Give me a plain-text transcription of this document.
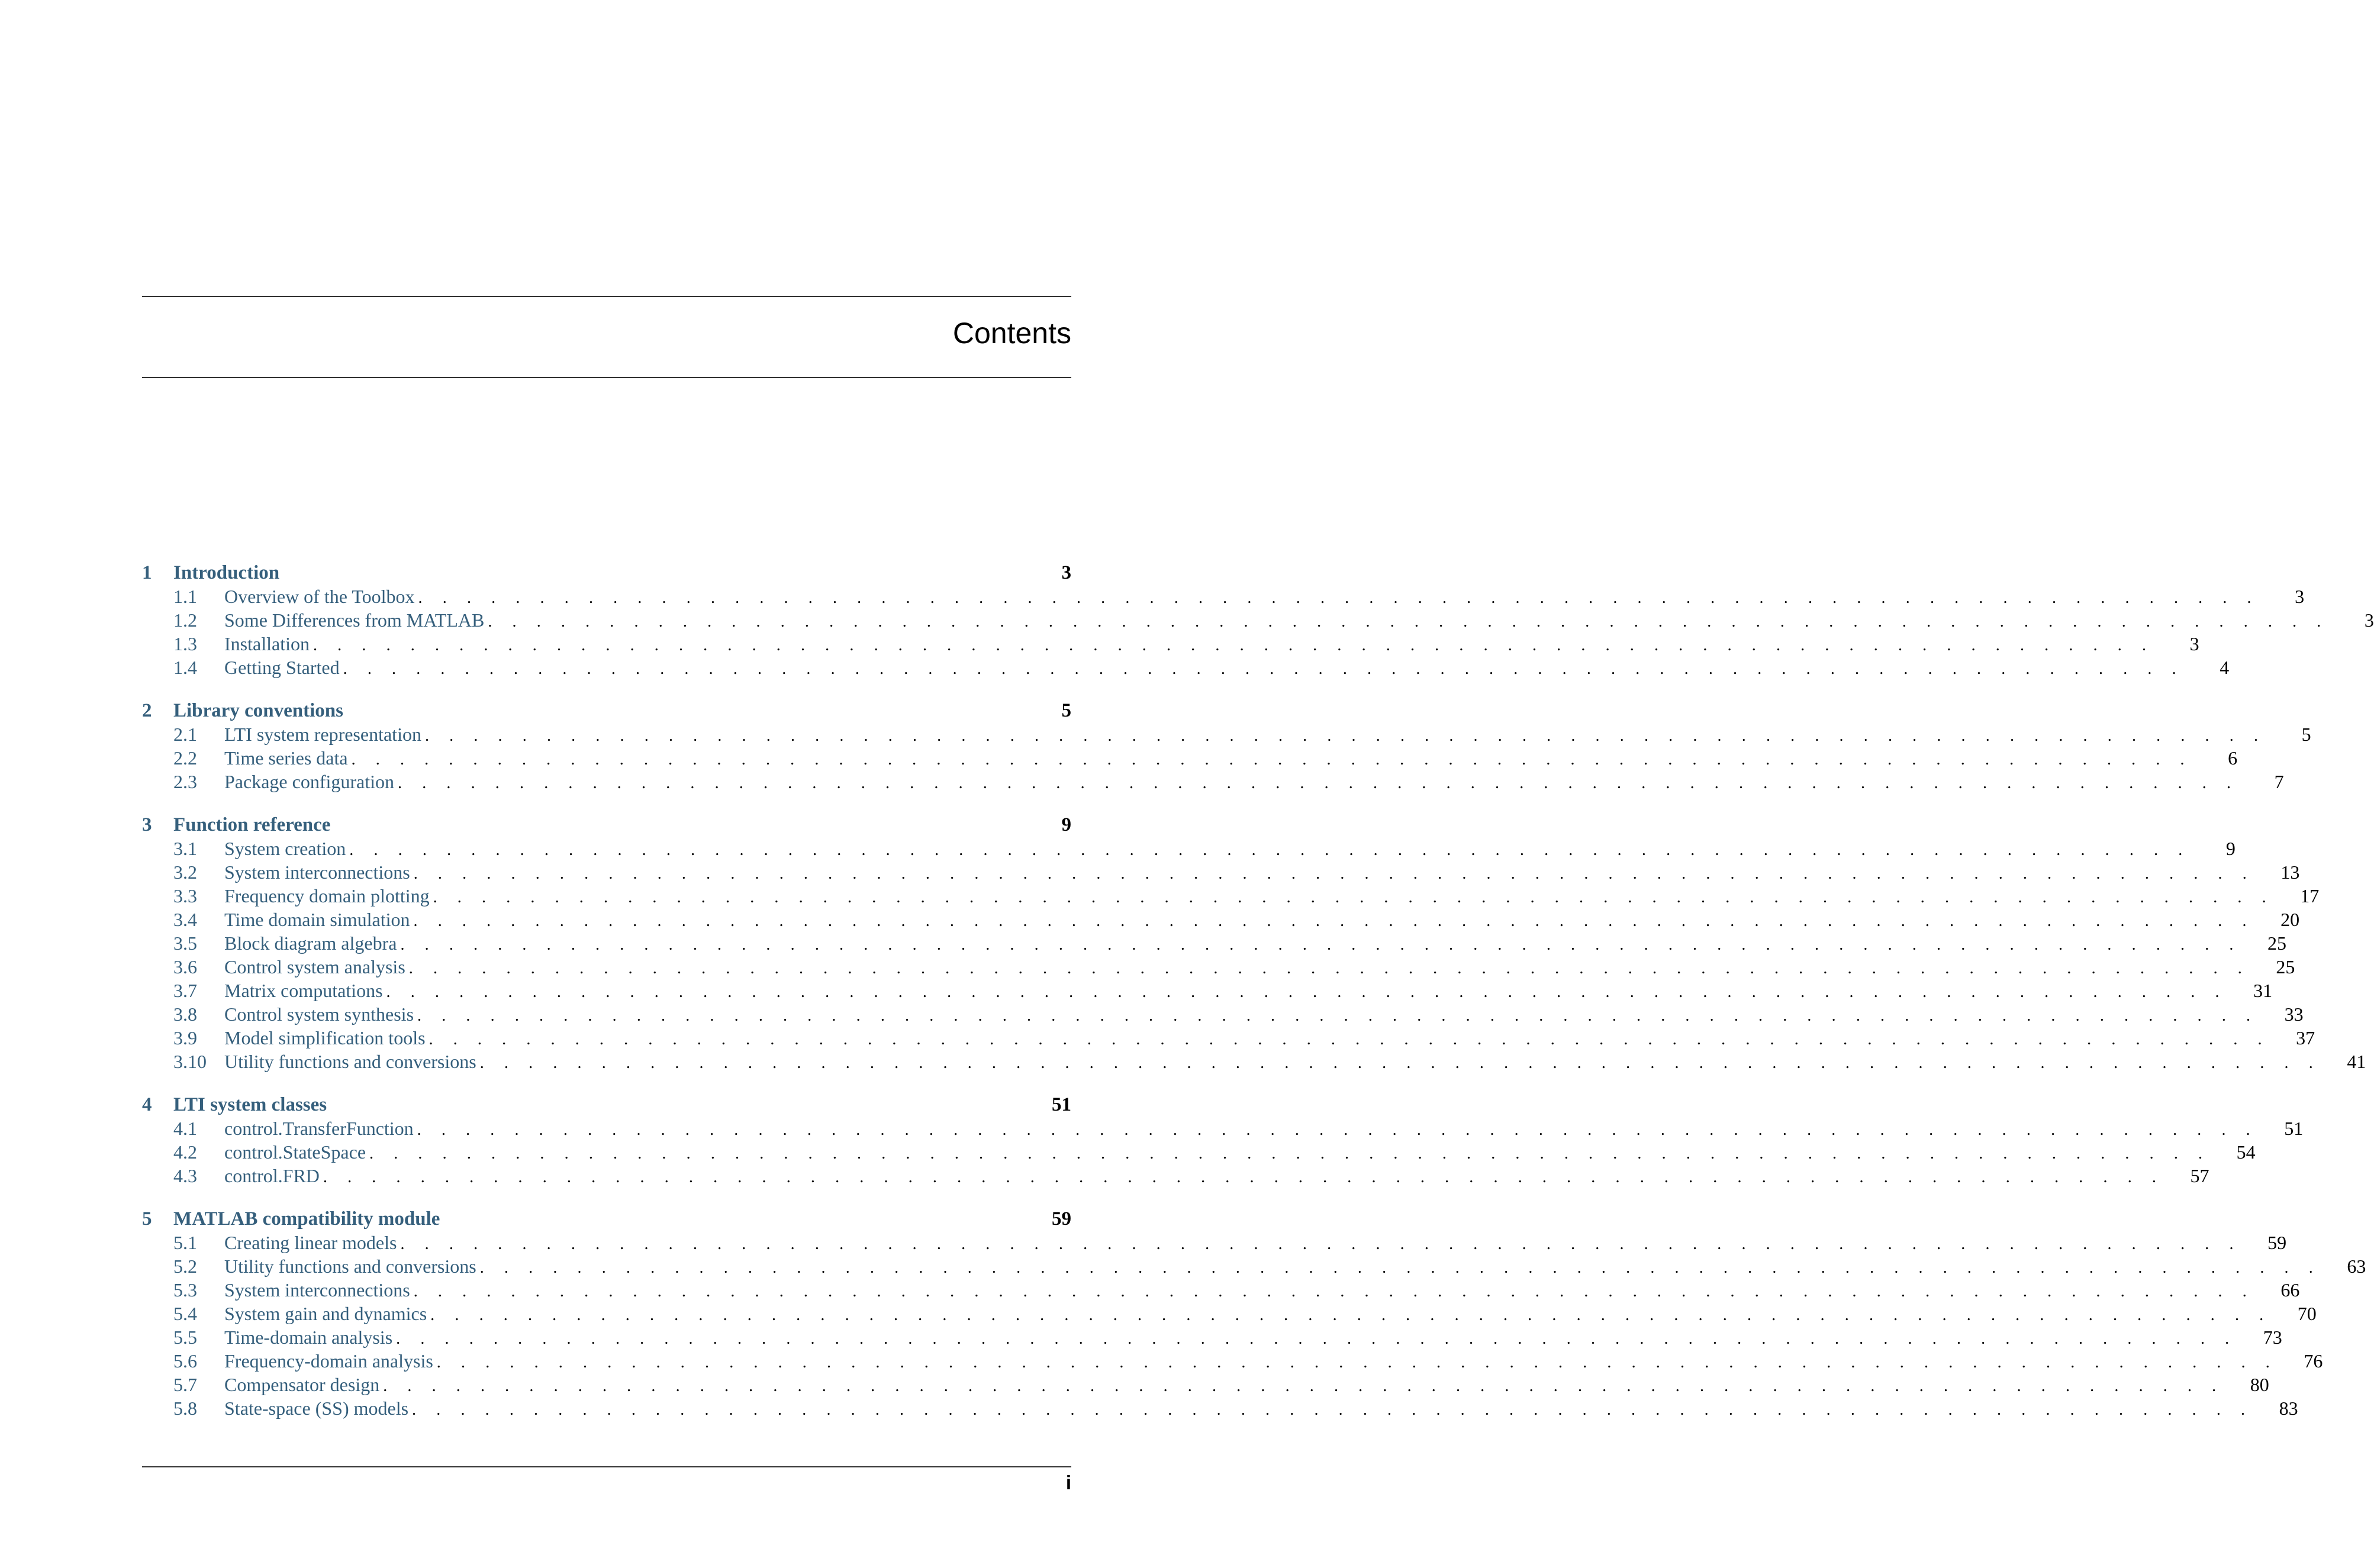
Contents
1	Introduction	3
1.1	Overview of the Toolbox . . . . . . . . . . . . . . . . . . . . . . . . . . . . . . . . . . . . . . . . . . . . . . . . . . . . . . . . . . . . . . . . . . . . . . . . . . . .	3
1.2	Some Differences from MATLAB . . . . . . . . . . . . . . . . . . . . . . . . . . . . . . . . . . . . . . . . . . . . . . . . . . . . . . . . . . . . . . . . . . . . . . . . . . . .	3
1.3	Installation . . . . . . . . . . . . . . . . . . . . . . . . . . . . . . . . . . . . . . . . . . . . . . . . . . . . . . . . . . . . . . . . . . . . . . . . . . . .	3
1.4	Getting Started . . . . . . . . . . . . . . . . . . . . . . . . . . . . . . . . . . . . . . . . . . . . . . . . . . . . . . . . . . . . . . . . . . . . . . . . . . . .	4
2	Library conventions	5
2.1	LTI system representation . . . . . . . . . . . . . . . . . . . . . . . . . . . . . . . . . . . . . . . . . . . . . . . . . . . . . . . . . . . . . . . . . . . . . . . . . . . .	5
2.2	Time series data . . . . . . . . . . . . . . . . . . . . . . . . . . . . . . . . . . . . . . . . . . . . . . . . . . . . . . . . . . . . . . . . . . . . . . . . . . . .	6
2.3	Package configuration . . . . . . . . . . . . . . . . . . . . . . . . . . . . . . . . . . . . . . . . . . . . . . . . . . . . . . . . . . . . . . . . . . . . . . . . . . . .	7
3	Function reference	9
3.1	System creation . . . . . . . . . . . . . . . . . . . . . . . . . . . . . . . . . . . . . . . . . . . . . . . . . . . . . . . . . . . . . . . . . . . . . . . . . . . .	9
3.2	System interconnections . . . . . . . . . . . . . . . . . . . . . . . . . . . . . . . . . . . . . . . . . . . . . . . . . . . . . . . . . . . . . . . . . . . . . . . . . . . . 13
3.3	Frequency domain plotting . . . . . . . . . . . . . . . . . . . . . . . . . . . . . . . . . . . . . . . . . . . . . . . . . . . . . . . . . . . . . . . . . . . . . . . . . . . . 17
3.4	Time domain simulation . . . . . . . . . . . . . . . . . . . . . . . . . . . . . . . . . . . . . . . . . . . . . . . . . . . . . . . . . . . . . . . . . . . . . . . . . . . . 20
3.5	Block diagram algebra . . . . . . . . . . . . . . . . . . . . . . . . . . . . . . . . . . . . . . . . . . . . . . . . . . . . . . . . . . . . . . . . . . . . . . . . . . . . 25
3.6	Control system analysis . . . . . . . . . . . . . . . . . . . . . . . . . . . . . . . . . . . . . . . . . . . . . . . . . . . . . . . . . . . . . . . . . . . . . . . . . . . . 25
3.7	Matrix computations . . . . . . . . . . . . . . . . . . . . . . . . . . . . . . . . . . . . . . . . . . . . . . . . . . . . . . . . . . . . . . . . . . . . . . . . . . . . 31
3.8	Control system synthesis . . . . . . . . . . . . . . . . . . . . . . . . . . . . . . . . . . . . . . . . . . . . . . . . . . . . . . . . . . . . . . . . . . . . . . . . . . . . 33
3.9	Model simplification tools . . . . . . . . . . . . . . . . . . . . . . . . . . . . . . . . . . . . . . . . . . . . . . . . . . . . . . . . . . . . . . . . . . . . . . . . . . . . 37
3.10 Utility functions and conversions . . . . . . . . . . . . . . . . . . . . . . . . . . . . . . . . . . . . . . . . . . . . . . . . . . . . . . . . . . . . . . . . . . . . . . . . . . . . 41
4	LTI system classes	51
4.1	control.TransferFunction . . . . . . . . . . . . . . . . . . . . . . . . . . . . . . . . . . . . . . . . . . . . . . . . . . . . . . . . . . . . . . . . . . . . . . . . . . . . 51
4.2	control.StateSpace . . . . . . . . . . . . . . . . . . . . . . . . . . . . . . . . . . . . . . . . . . . . . . . . . . . . . . . . . . . . . . . . . . . . . . . . . . . . 54
4.3	control.FRD . . . . . . . . . . . . . . . . . . . . . . . . . . . . . . . . . . . . . . . . . . . . . . . . . . . . . . . . . . . . . . . . . . . . . . . . . . . . 57
5	MATLAB compatibility module	59
5.1	Creating linear models . . . . . . . . . . . . . . . . . . . . . . . . . . . . . . . . . . . . . . . . . . . . . . . . . . . . . . . . . . . . . . . . . . . . . . . . . . . . 59
5.2	Utility functions and conversions . . . . . . . . . . . . . . . . . . . . . . . . . . . . . . . . . . . . . . . . . . . . . . . . . . . . . . . . . . . . . . . . . . . . . . . . . . . . 63
5.3	System interconnections . . . . . . . . . . . . . . . . . . . . . . . . . . . . . . . . . . . . . . . . . . . . . . . . . . . . . . . . . . . . . . . . . . . . . . . . . . . . 66
5.4	System gain and dynamics . . . . . . . . . . . . . . . . . . . . . . . . . . . . . . . . . . . . . . . . . . . . . . . . . . . . . . . . . . . . . . . . . . . . . . . . . . . . 70
5.5	Time-domain analysis . . . . . . . . . . . . . . . . . . . . . . . . . . . . . . . . . . . . . . . . . . . . . . . . . . . . . . . . . . . . . . . . . . . . . . . . . . . . 73
5.6	Frequency-domain analysis . . . . . . . . . . . . . . . . . . . . . . . . . . . . . . . . . . . . . . . . . . . . . . . . . . . . . . . . . . . . . . . . . . . . . . . . . . . . 76
5.7	Compensator design . . . . . . . . . . . . . . . . . . . . . . . . . . . . . . . . . . . . . . . . . . . . . . . . . . . . . . . . . . . . . . . . . . . . . . . . . . . . 80
5.8	State-space (SS) models . . . . . . . . . . . . . . . . . . . . . . . . . . . . . . . . . . . . . . . . . . . . . . . . . . . . . . . . . . . . . . . . . . . . . . . . . . . . 83
i
